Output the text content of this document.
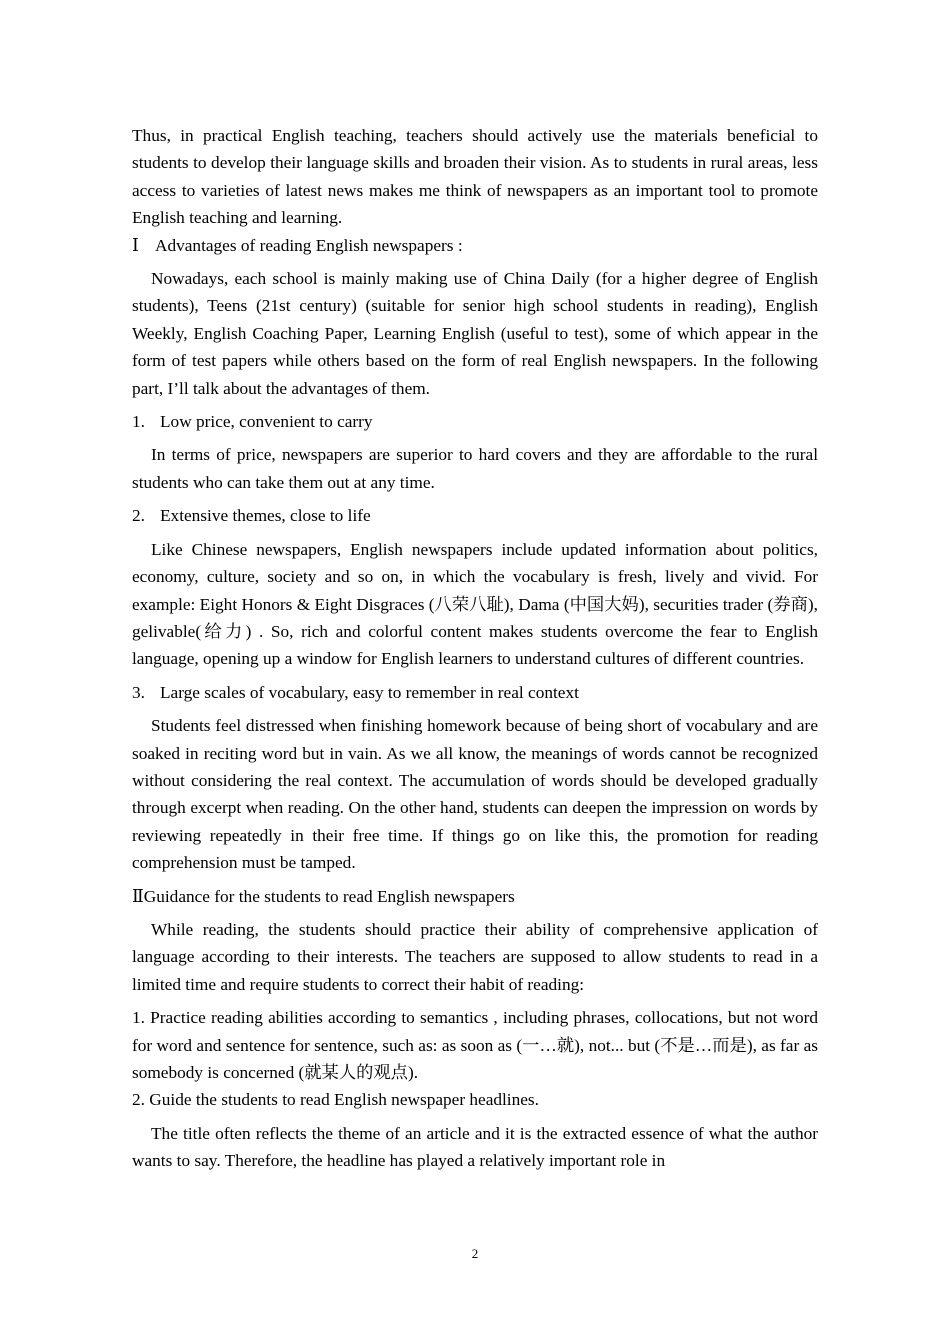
Thus, in practical English teaching, teachers should actively use the materials beneficial to students to develop their language skills and broaden their vision. As to students in rural areas, less access to varieties of latest news makes me think of newspapers as an important tool to promote English teaching and learning.

Ⅰ Advantages of reading English newspapers :

Nowadays, each school is mainly making use of China Daily (for a higher degree of English students), Teens (21st century) (suitable for senior high school students in reading), English Weekly, English Coaching Paper, Learning English (useful to test), some of which appear in the form of test papers while others based on the form of real English newspapers. In the following part, I’ll talk about the advantages of them.

1. Low price, convenient to carry

In terms of price, newspapers are superior to hard covers and they are affordable to the rural students who can take them out at any time.

2. Extensive themes, close to life

Like Chinese newspapers, English newspapers include updated information about politics, economy, culture, society and so on, in which the vocabulary is fresh, lively and vivid. For example: Eight Honors & Eight Disgraces (八荣八耻), Dama (中国大妈), securities trader (券商), gelivable(给力) . So, rich and colorful content makes students overcome the fear to English language, opening up a window for English learners to understand cultures of different countries.

3. Large scales of vocabulary, easy to remember in real context

Students feel distressed when finishing homework because of being short of vocabulary and are soaked in reciting word but in vain. As we all know, the meanings of words cannot be recognized without considering the real context. The accumulation of words should be developed gradually through excerpt when reading. On the other hand, students can deepen the impression on words by reviewing repeatedly in their free time. If things go on like this, the promotion for reading comprehension must be tamped.

ⅡGuidance for the students to read English newspapers

While reading, the students should practice their ability of comprehensive application of language according to their interests. The teachers are supposed to allow students to read in a limited time and require students to correct their habit of reading:

1. Practice reading abilities according to semantics , including phrases, collocations, but not word for word and sentence for sentence, such as: as soon as (一…就), not... but (不是…而是), as far as somebody is concerned (就某人的观点).

2. Guide the students to read English newspaper headlines.

The title often reflects the theme of an article and it is the extracted essence of what the author wants to say. Therefore, the headline has played a relatively important role in

2
